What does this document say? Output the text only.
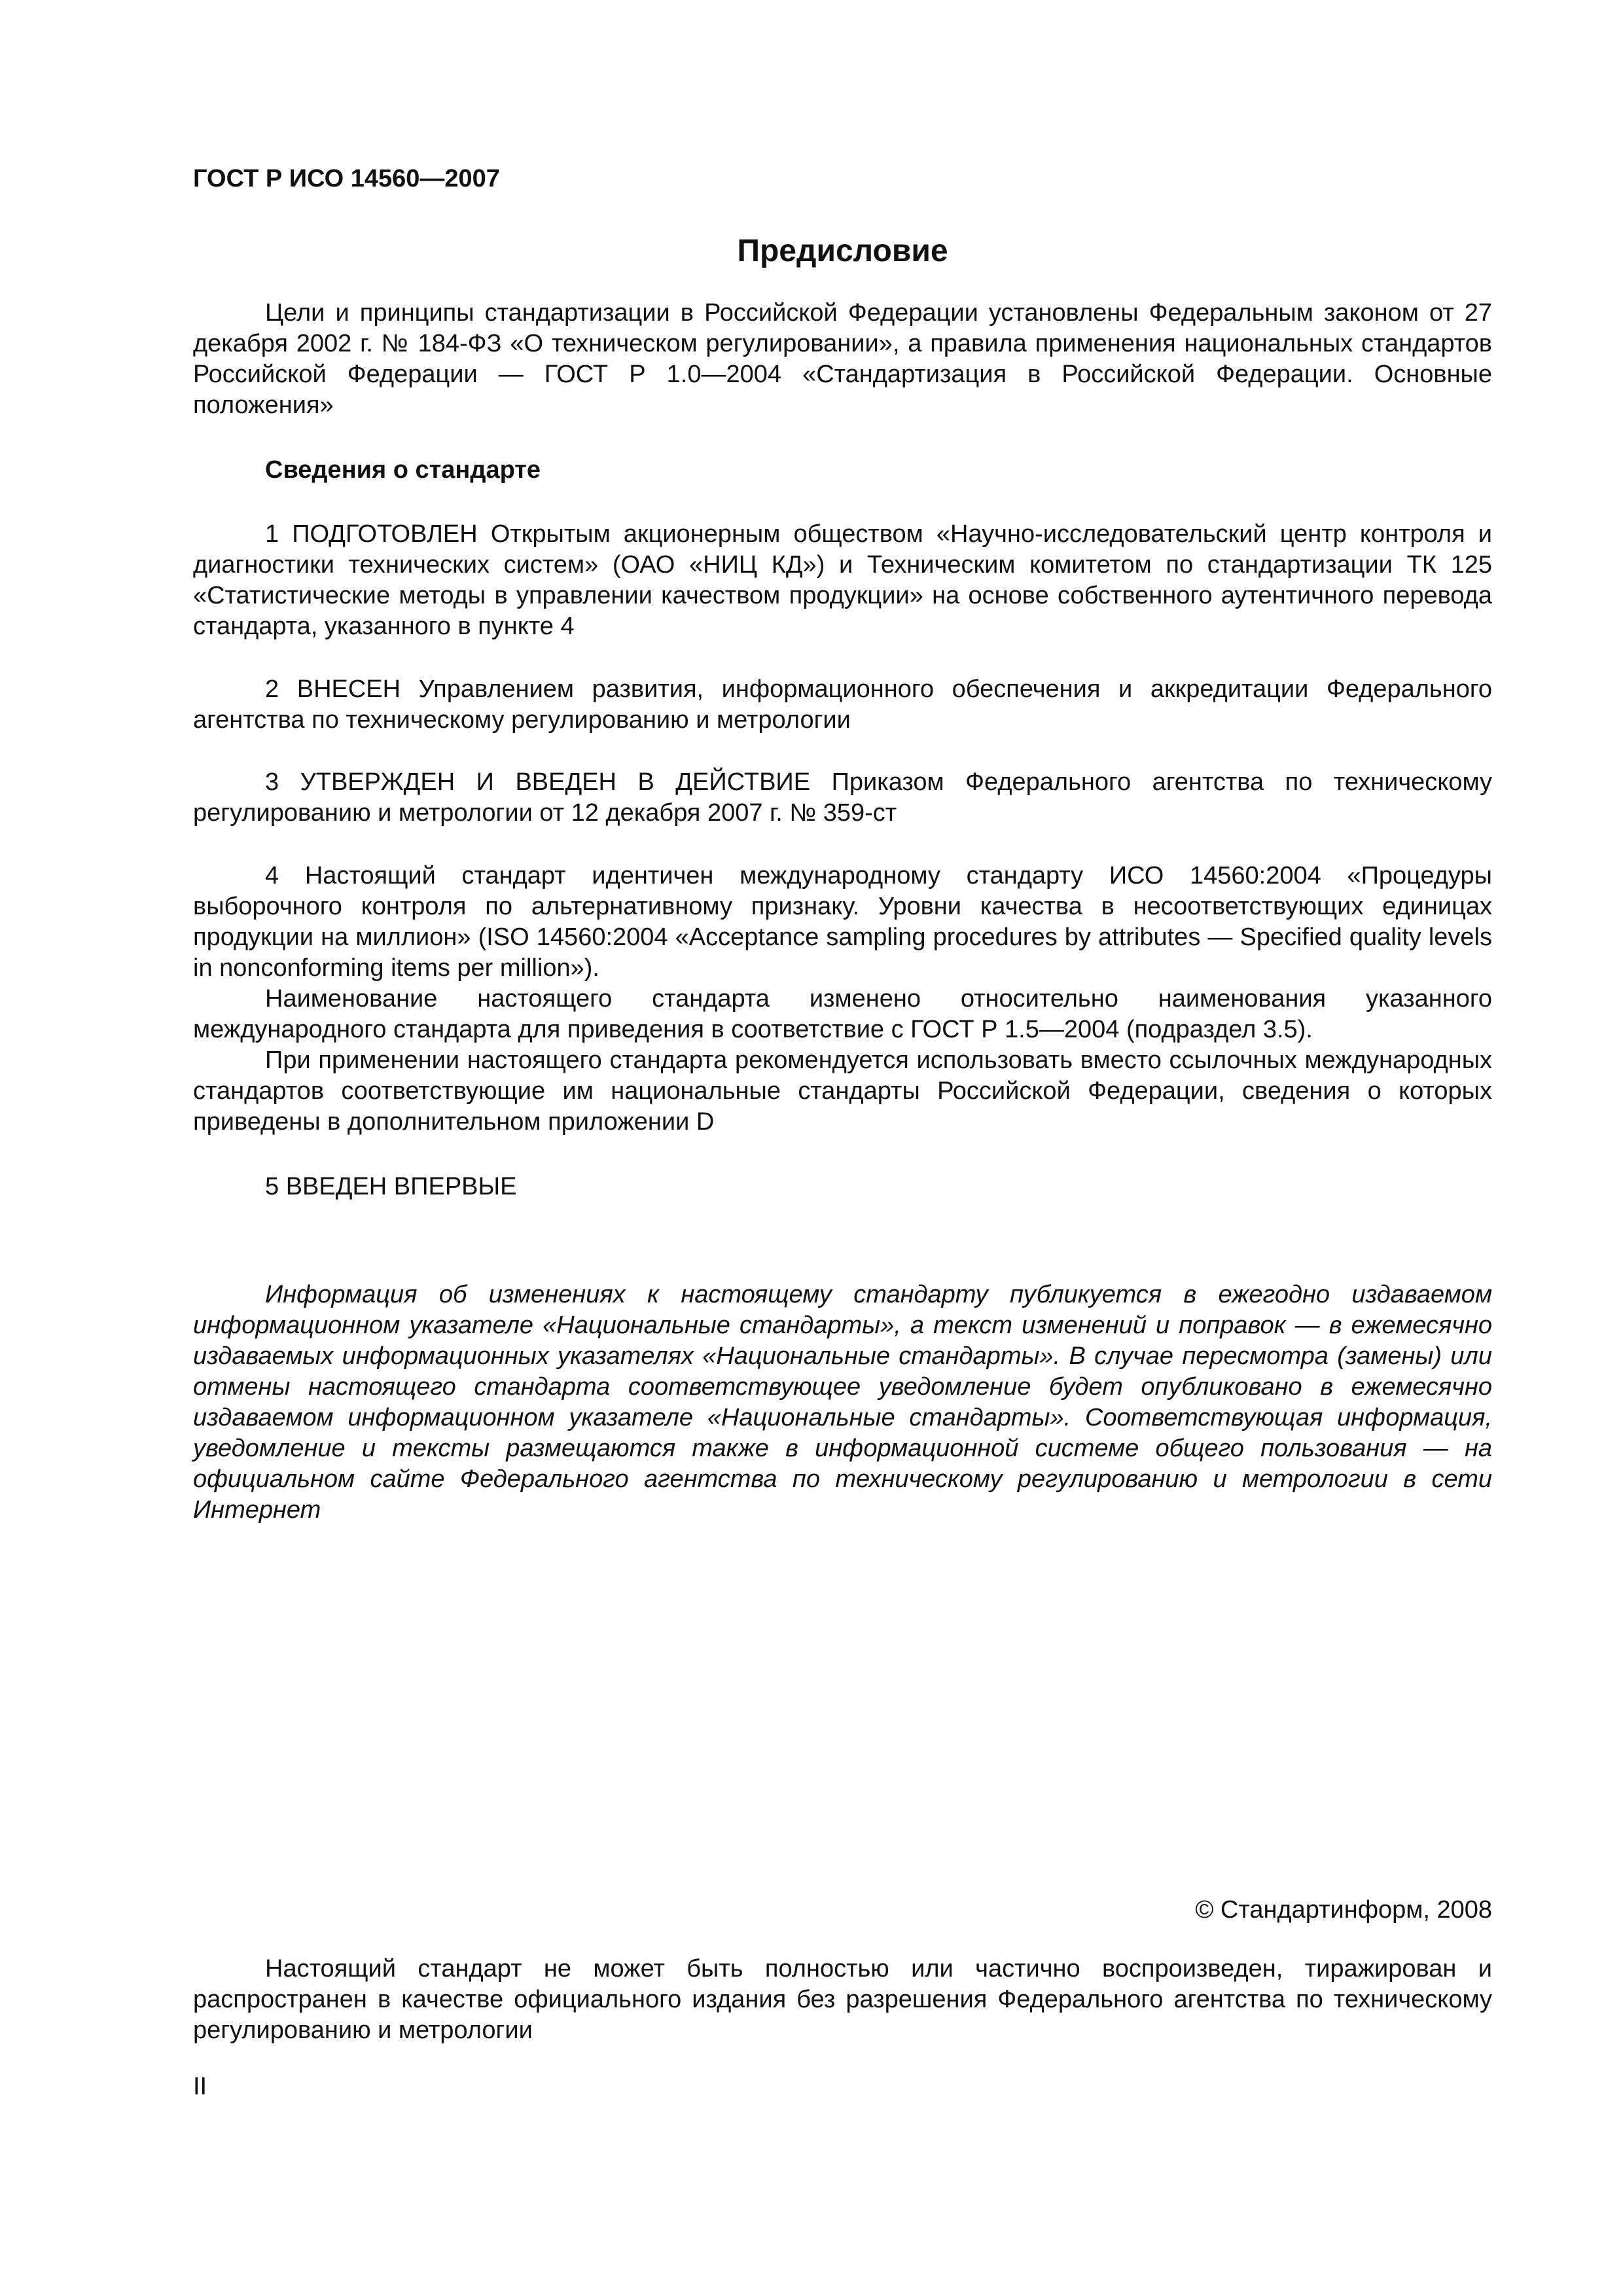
ГОСТ Р ИСО 14560—2007
Предисловие

Цели и принципы стандартизации в Российской Федерации установлены Федеральным законом от 27 декабря 2002 г. № 184-ФЗ «О техническом регулировании», а правила применения национальных стандартов Российской Федерации — ГОСТ Р 1.0—2004 «Стандартизация в Российской Федерации. Основные положения»

Сведения о стандарте

1 ПОДГОТОВЛЕН Открытым акционерным обществом «Научно-исследовательский центр контроля и диагностики технических систем» (ОАО «НИЦ КД») и Техническим комитетом по стандартизации ТК 125 «Статистические методы в управлении качеством продукции» на основе собственного аутентичного перевода стандарта, указанного в пункте 4

2 ВНЕСЕН Управлением развития, информационного обеспечения и аккредитации Федерального агентства по техническому регулированию и метрологии

3 УТВЕРЖДЕН И ВВЕДЕН В ДЕЙСТВИЕ Приказом Федерального агентства по техническому регулированию и метрологии от 12 декабря 2007 г. № 359-ст

4 Настоящий стандарт идентичен международному стандарту ИСО 14560:2004 «Процедуры выборочного контроля по альтернативному признаку. Уровни качества в несоответствующих единицах продукции на миллион» (ISO 14560:2004 «Acceptance sampling procedures by attributes — Specified quality levels in nonconforming items per million»).

Наименование настоящего стандарта изменено относительно наименования указанного международного стандарта для приведения в соответствие с ГОСТ Р 1.5—2004 (подраздел 3.5).

При применении настоящего стандарта рекомендуется использовать вместо ссылочных международных стандартов соответствующие им национальные стандарты Российской Федерации, сведения о которых приведены в дополнительном приложении D

5 ВВЕДЕН ВПЕРВЫЕ

Информация об изменениях к настоящему стандарту публикуется в ежегодно издаваемом информационном указателе «Национальные стандарты», а текст изменений и поправок — в ежемесячно издаваемых информационных указателях «Национальные стандарты». В случае пересмотра (замены) или отмены настоящего стандарта соответствующее уведомление будет опубликовано в ежемесячно издаваемом информационном указателе «Национальные стандарты». Соответствующая информация, уведомление и тексты размещаются также в информационной системе общего пользования — на официальном сайте Федерального агентства по техническому регулированию и метрологии в сети Интернет

© Стандартинформ, 2008

Настоящий стандарт не может быть полностью или частично воспроизведен, тиражирован и распространен в качестве официального издания без разрешения Федерального агентства по техническому регулированию и метрологии

II
